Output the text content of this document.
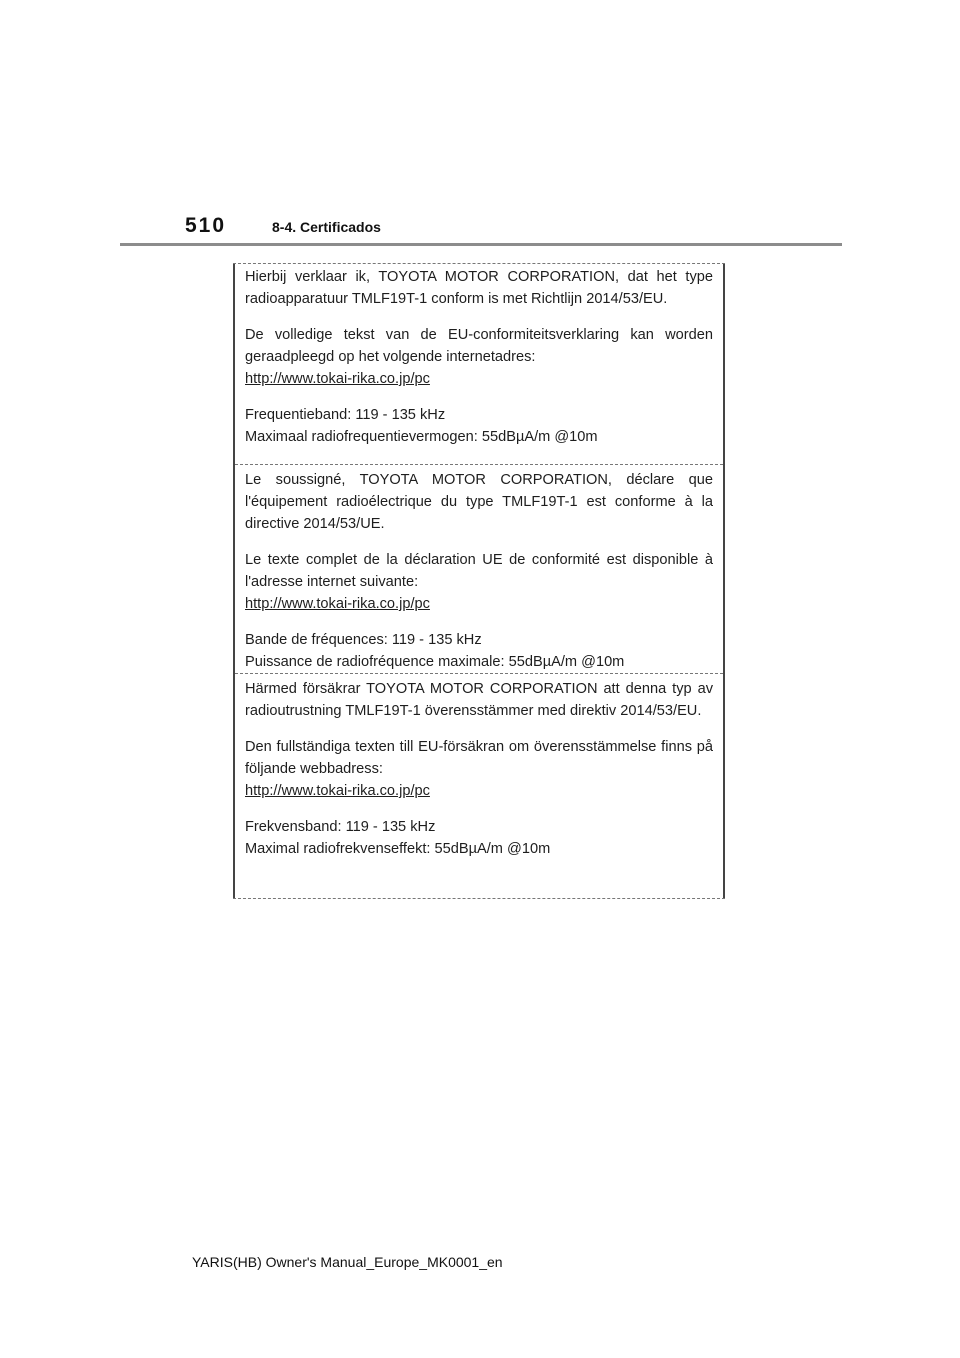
510	8-4. Certificados

Hierbij verklaar ik, TOYOTA MOTOR CORPORATION, dat het type radioapparatuur TMLF19T-1 conform is met Richtlijn 2014/53/EU.

De volledige tekst van de EU-conformiteitsverklaring kan worden geraadpleegd op het volgende internetadres:

http://www.tokai-rika.co.jp/pc

Frequentieband: 119 - 135 kHz

Maximaal radiofrequentievermogen: 55dBµA/m @10m

Le soussigné, TOYOTA MOTOR CORPORATION, déclare que l'équipement radioélectrique du type TMLF19T-1 est conforme à la directive 2014/53/UE.

Le texte complet de la déclaration UE de conformité est disponible à l'adresse internet suivante:

http://www.tokai-rika.co.jp/pc

Bande de fréquences: 119 - 135 kHz

Puissance de radiofréquence maximale: 55dBµA/m @10m

Härmed försäkrar TOYOTA MOTOR CORPORATION att denna typ av radioutrustning TMLF19T-1 överensstämmer med direktiv 2014/53/EU.

Den fullständiga texten till EU-försäkran om överensstämmelse finns på följande webbadress:

http://www.tokai-rika.co.jp/pc

Frekvensband: 119 - 135 kHz

Maximal radiofrekvenseffekt: 55dBµA/m @10m

YARIS(HB) Owner's Manual_Europe_MK0001_en
